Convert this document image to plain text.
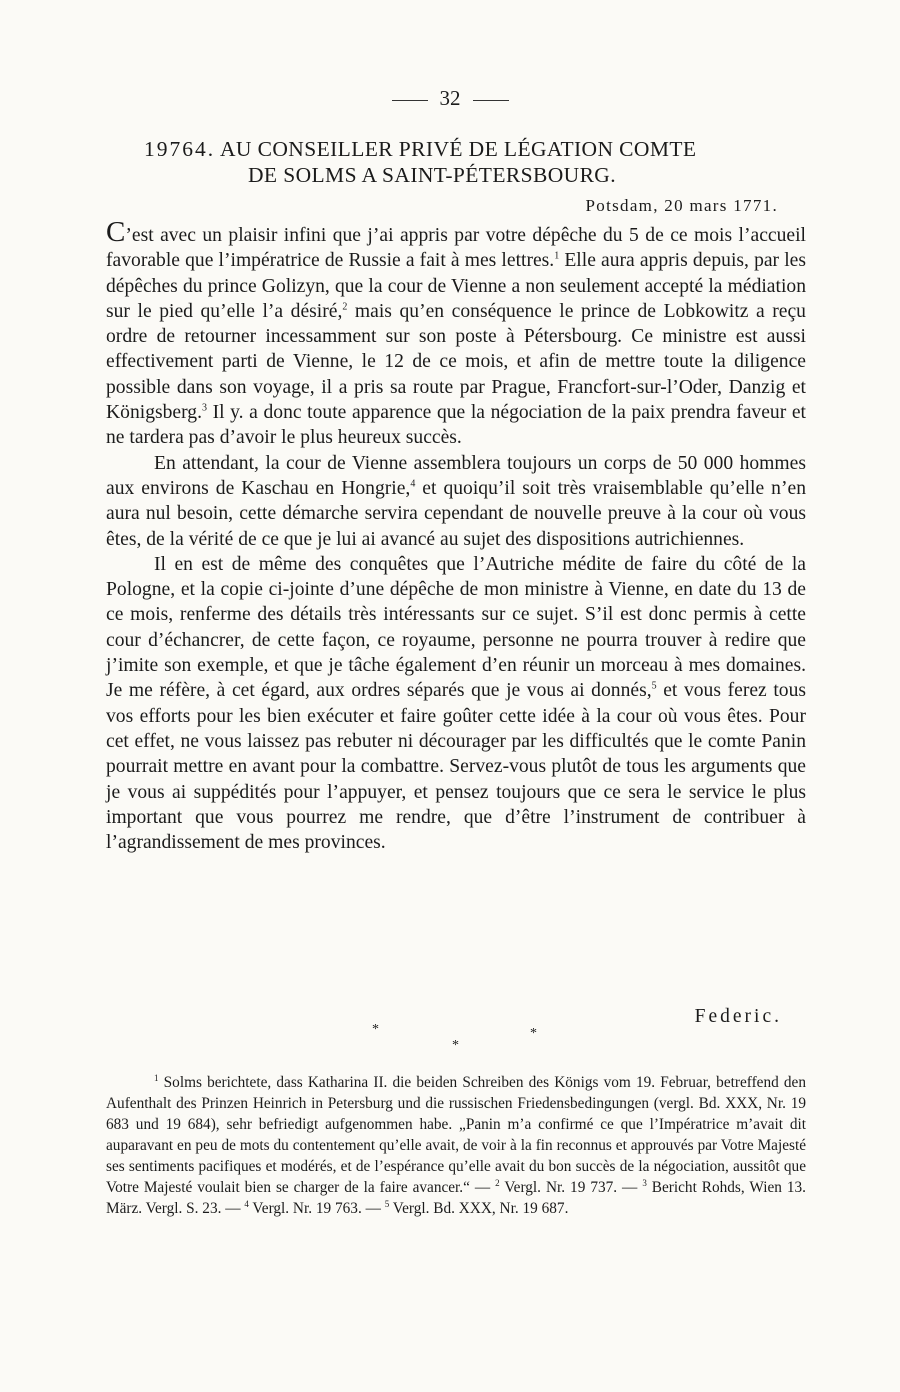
32
19764. AU CONSEILLER PRIVÉ DE LÉGATION COMTE
DE SOLMS A SAINT-PÉTERSBOURG.
Potsdam, 20 mars 1771.

C’est avec un plaisir infini que j’ai appris par votre dépêche du 5 de ce mois l’accueil favorable que l’impératrice de Russie a fait à mes lettres.$^1$ Elle aura appris depuis, par les dépêches du prince Golizyn, que la cour de Vienne a non seulement accepté la médiation sur le pied qu’elle l’a désiré,$^2$ mais qu’en conséquence le prince de Lobkowitz a reçu ordre de retourner incessamment sur son poste à Pétersbourg. Ce ministre est aussi effectivement parti de Vienne, le 12 de ce mois, et afin de mettre toute la diligence possible dans son voyage, il a pris sa route par Prague, Francfort-sur-l’Oder, Danzig et Königsberg.$^3$ Il y. a donc toute apparence que la négociation de la paix prendra faveur et ne tardera pas d’avoir le plus heureux succès.

En attendant, la cour de Vienne assemblera toujours un corps de 50 000 hommes aux environs de Kaschau en Hongrie,$^4$ et quoiqu’il soit très vraisemblable qu’elle n’en aura nul besoin, cette démarche servira cependant de nouvelle preuve à la cour où vous êtes, de la vérité de ce que je lui ai avancé au sujet des dispositions autrichiennes.

Il en est de même des conquêtes que l’Autriche médite de faire du côté de la Pologne, et la copie ci-jointe d’une dépêche de mon ministre à Vienne, en date du 13 de ce mois, renferme des détails très intéressants sur ce sujet. S’il est donc permis à cette cour d’échancrer, de cette façon, ce royaume, personne ne pourra trouver à redire que j’imite son exemple, et que je tâche également d’en réunir un morceau à mes domaines. Je me réfère, à cet égard, aux ordres séparés que je vous ai donnés,$^5$ et vous ferez tous vos efforts pour les bien exécuter et faire goûter cette idée à la cour où vous êtes. Pour cet effet, ne vous laissez pas rebuter ni décourager par les difficultés que le comte Panin pourrait mettre en avant pour la combattre. Servez-vous plutôt de tous les arguments que je vous ai suppédités pour l’appuyer, et pensez toujours que ce sera le service le plus important que vous pourrez me rendre, que d’être l’instrument de contribuer à l’agrandissement de mes provinces.

Federic.
*	*
*

$^1$ Solms berichtete, dass Katharina II. die beiden Schreiben des Königs vom 19. Februar, betreffend den Aufenthalt des Prinzen Heinrich in Petersburg und die russischen Friedensbedingungen (vergl. Bd. XXX, Nr. 19 683 und 19 684), sehr befriedigt aufgenommen habe. „Panin m’a confirmé ce que l’Impératrice m’avait dit auparavant en peu de mots du contentement qu’elle avait, de voir à la fin reconnus et approuvés par Votre Majesté ses sentiments pacifiques et modérés, et de l’espérance qu’elle avait du bon succès de la négociation, aussitôt que Votre Majesté voulait bien se charger de la faire avancer.“ — $^2$ Vergl. Nr. 19 737. — $^3$ Bericht Rohds, Wien 13. März. Vergl. S. 23. — $^4$ Vergl. Nr. 19 763. — $^5$ Vergl. Bd. XXX, Nr. 19 687.
